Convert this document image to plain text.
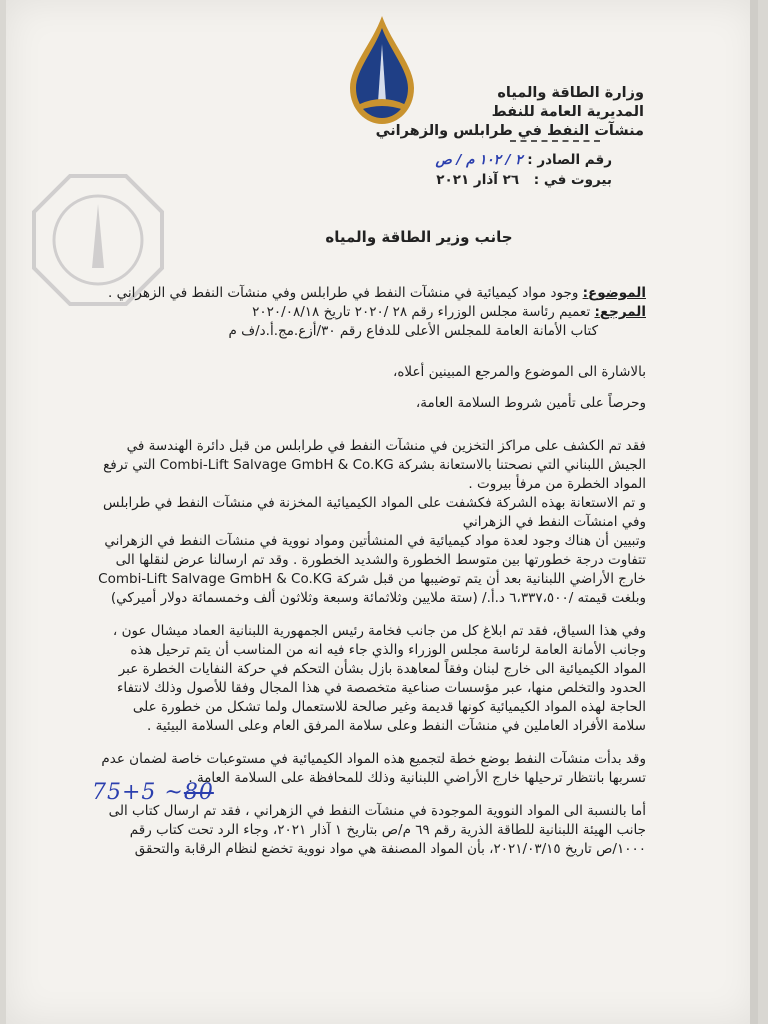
وزارة الطاقة والمياه
المديرية العامة للنفط
منشآت النفط في طرابلس والزهراني
رقم الصادر : ٢ / ١٠٢ م / ص
بيروت في : ٢٦ آذار ٢٠٢١
جانب وزير الطاقة والمياه

الموضوع: وجود مواد كيميائية في منشآت النفط في طرابلس وفي منشآت النفط في الزهراني .

المرجع: تعميم رئاسة مجلس الوزراء رقم ٢٨ /٢٠٢٠ تاريخ ٢٠٢٠/٠٨/١٨

كتاب الأمانة العامة للمجلس الأعلى للدفاع رقم ٣٠/أزع.مج.أ.د/ف م

بالاشارة الى الموضوع والمرجع المبينين أعلاه،

وحرصاً على تأمين شروط السلامة العامة،

فقد تم الكشف على مراكز التخزين في منشآت النفط في طرابلس من قبل دائرة الهندسة في الجيش اللبناني التي نصحتنا بالاستعانة بشركة Combi-Lift Salvage GmbH & Co.KG التي ترفع المواد الخطرة من مرفأ بيروت .

و تم الاستعانة بهذه الشركة فكشفت على المواد الكيميائية المخزنة في منشآت النفط في طرابلس وفي امنشآت النفط في الزهراني

وتبيين أن هناك وجود لعدة مواد كيميائية في المنشأتين ومواد نووية في منشآت النفط في الزهراني تتفاوت درجة خطورتها بين متوسط الخطورة والشديد الخطورة . وقد تم ارسالنا عرض لنقلها الى خارج الأراضي اللبنانية بعد أن يتم توضيبها من قبل شركة Combi-Lift Salvage GmbH & Co.KG وبلغت قيمته /٦،٣٣٧،٥٠٠ د.أ./ (ستة ملايين وثلاثمائة وسبعة وثلاثون ألف وخمسمائة دولار أميركي)

وفي هذا السياق، فقد تم ابلاغ كل من جانب فخامة رئيس الجمهورية اللبنانية العماد ميشال عون ، وجانب الأمانة العامة لرئاسة مجلس الوزراء والذي جاء فيه انه من المناسب أن يتم ترحيل هذه المواد الكيميائية الى خارج لبنان وفقاً لمعاهدة بازل بشأن التحكم في حركة النفايات الخطرة عبر الحدود والتخلص منها، عبر مؤسسات صناعية متخصصة في هذا المجال وفقا للأصول وذلك لانتفاء الحاجة لهذه المواد الكيميائية كونها قديمة وغير صالحة للاستعمال ولما تشكل من خطورة على سلامة الأفراد العاملين في منشآت النفط وعلى سلامة المرفق العام وعلى السلامة البيئية .

وقد بدأت منشآت النفط بوضع خطة لتجميع هذه المواد الكيميائية في مستوعبات خاصة لضمان عدم تسربها بانتظار ترحيلها خارج الأراضي اللبنانية وذلك للمحافظة على السلامة العامة .

أما بالنسبة الى المواد النووية الموجودة في منشآت النفط في الزهراني ، فقد تم ارسال كتاب الى جانب الهيئة اللبنانية للطاقة الذرية رقم ٦٩ م/ص بتاريخ ١ آذار ٢٠٢١، وجاء الرد تحت كتاب رقم ١٠٠٠/ص تاريخ ٢٠٢١/٠٣/١٥، بأن المواد المصنفة هي مواد نووية تخضع لنظام الرقابة والتحقق

75+5 ~80
